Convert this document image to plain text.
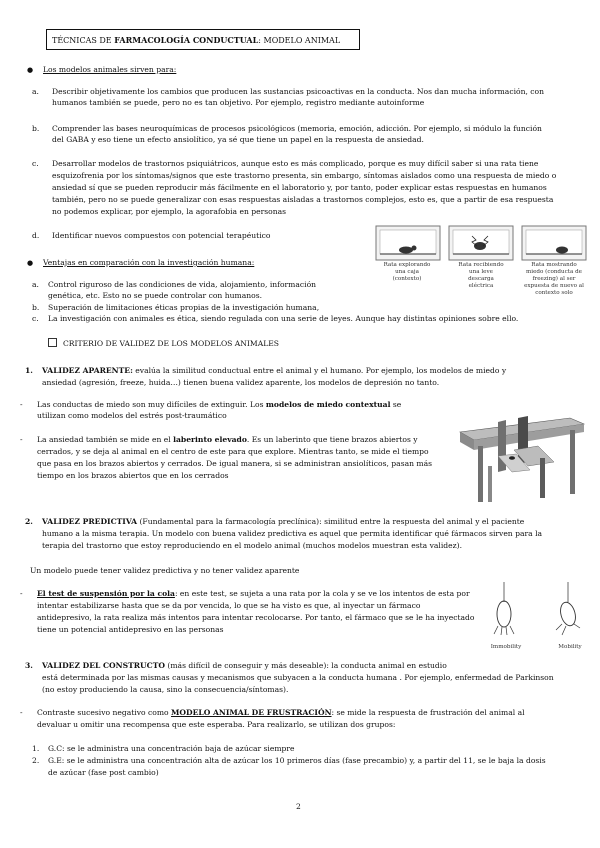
TÉCNICAS DE FARMACOLOGÍA CONDUCTUAL: MODELO ANIMAL
● Los modelos animales sirven para:
a. Describir objetivamente los cambios que producen las sustancias psicoactivas en la conducta. Nos dan mucha información, con
humanos también se puede, pero no es tan objetivo. Por ejemplo, registro mediante autoinforme
b. Comprender las bases neuroquímicas de procesos psicológicos (memoria, emoción, adicción. Por ejemplo, si módulo la función
del GABA y eso tiene un efecto ansiolítico, ya sé que tiene un papel en la respuesta de ansiedad.
c. Desarrollar modelos de trastornos psiquiátricos, aunque esto es más complicado, porque es muy difícil saber si una rata tiene
esquizofrenia por los síntomas/signos que este trastorno presenta, sin embargo, síntomas aislados como una respuesta de miedo o
ansiedad sí que se pueden reproducir más fácilmente en el laboratorio y, por tanto, poder explicar estas respuestas en humanos
también, pero no se puede generalizar con esas respuestas aisladas a trastornos complejos, esto es, que a partir de esa respuesta
no podemos explicar, por ejemplo, la agorafobia en personas
d. Identificar nuevos compuestos con potencial terapéutico
Rata explorando
una caja
(contexto)
Rata recibiendo
una leve
descarga
eléctrica
Rata mostrando
miedo (conducta de
freezing) al ser
expuesta de nuevo al
contexto solo
● Ventajas en comparación con la investigación humana:
a. Control riguroso de las condiciones de vida, alojamiento, información
genética, etc. Esto no se puede controlar con humanos.
b. Superación de limitaciones éticas propias de la investigación humana,
c. La investigación con animales es ética, siendo regulada con una serie de leyes. Aunque hay distintas opiniones sobre ello.
CRITERIO DE VALIDEZ DE LOS MODELOS ANIMALES
1. VALIDEZ APARENTE: evalúa la similitud conductual entre el animal y el humano. Por ejemplo, los modelos de miedo y
ansiedad (agresión, freeze, huida…) tienen buena validez aparente, los modelos de depresión no tanto.
- Las conductas de miedo son muy difíciles de extinguir. Los modelos de miedo contextual se
utilizan como modelos del estrés post-traumático
- La ansiedad también se mide en el laberinto elevado. Es un laberinto que tiene brazos abiertos y
cerrados, y se deja al animal en el centro de este para que explore. Mientras tanto, se mide el tiempo
que pasa en los brazos abiertos y cerrados. De igual manera, si se administran ansiolíticos, pasan más
tiempo en los brazos abiertos que en los cerrados
2. VALIDEZ PREDICTIVA (Fundamental para la farmacología preclínica): similitud entre la respuesta del animal y el paciente
humano a la misma terapia. Un modelo con buena validez predictiva es aquel que permita identificar qué fármacos sirven para la
terapia del trastorno que estoy reproduciendo en el modelo animal (muchos modelos muestran esta validez).
Un modelo puede tener validez predictiva y no tener validez aparente
- El test de suspensión por la cola: en este test, se sujeta a una rata por la cola y se ve los intentos de esta por
intentar estabilizarse hasta que se da por vencida, lo que se ha visto es que, al inyectar un fármaco
antidepresivo, la rata realiza más intentos para intentar recolocarse. Por tanto, el fármaco que se le ha inyectado
tiene un potencial antidepresivo en las personas
Immobility	Mobility
3. VALIDEZ DEL CONSTRUCTO (más difícil de conseguir y más deseable): la conducta animal en estudio
está determinada por las mismas causas y mecanismos que subyacen a la conducta humana . Por ejemplo, enfermedad de Parkinson
(no estoy produciendo la causa, sino la consecuencia/síntomas).
- Contraste sucesivo negativo como MODELO ANIMAL DE FRUSTRACIÓN: se mide la respuesta de frustración del animal al
devaluar u omitir una recompensa que este esperaba. Para realizarlo, se utilizan dos grupos:
1. G.C: se le administra una concentración baja de azúcar siempre
2. G.E: se le administra una concentración alta de azúcar los 10 primeros días (fase precambio) y, a partir del 11, se le baja la dosis
de azúcar (fase post cambio)
2
